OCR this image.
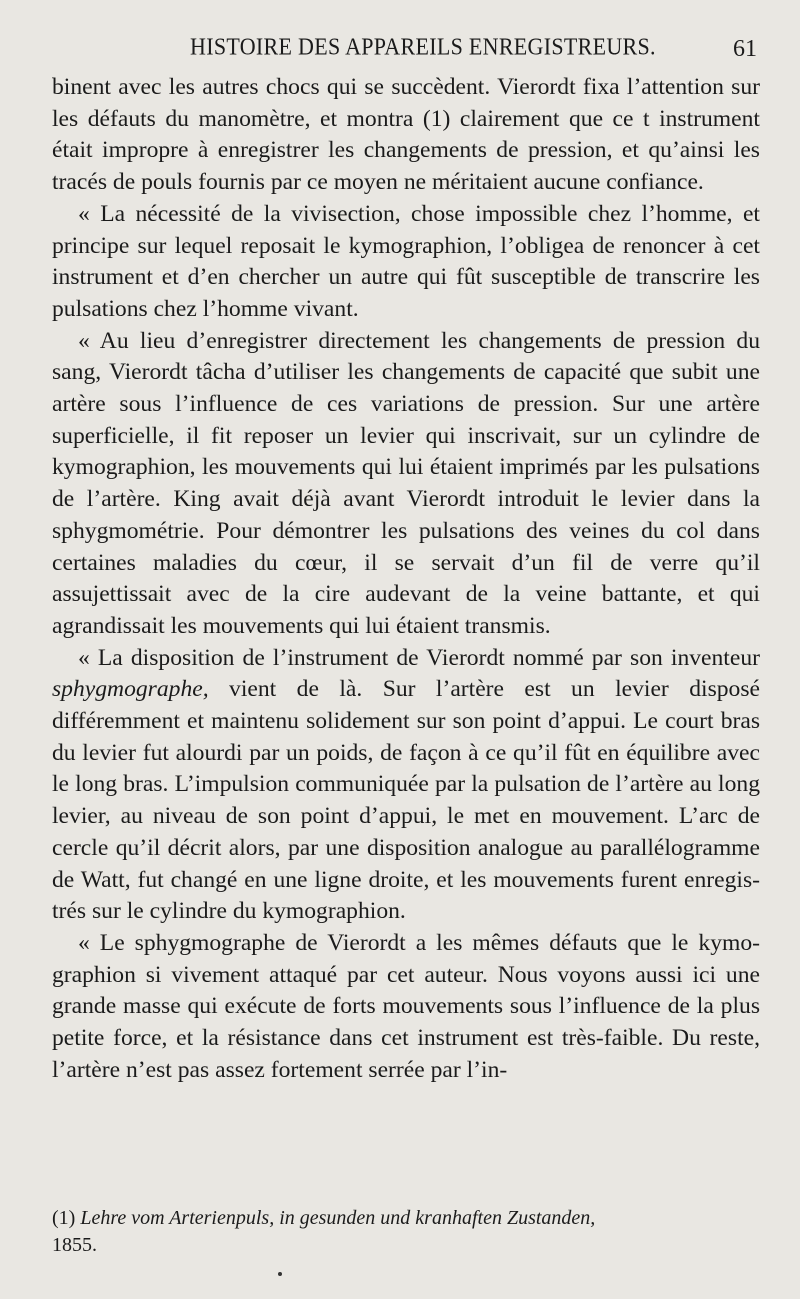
HISTOIRE DES APPAREILS ENREGISTREURS.	61

binent avec les autres chocs qui se succèdent. Vierordt fixa l’attention sur les défauts du manomètre, et montra (1) clairement que ce t instrument était impropre à enregistrer les changements de pression, et qu’ainsi les tracés de pouls fournis par ce moyen ne méritaient aucune confiance.

« La nécessité de la vivisection, chose impossible chez l’homme, et principe sur lequel reposait le kymographion, l’obligea de renoncer à cet instrument et d’en chercher un autre qui fût susceptible de transcrire les pulsations chez l’homme vivant.

« Au lieu d’enregistrer directement les changements de pression du sang, Vierordt tâcha d’utiliser les changements de capacité que subit une artère sous l’influence de ces variations de pression. Sur une artère superficielle, il fit reposer un levier qui inscrivait, sur un cylindre de kymographion, les mouvements qui lui étaient imprimés par les pulsations de l’artère. King avait déjà avant Vierordt introduit le levier dans la sphygmométrie. Pour démontrer les pulsations des veines du col dans certaines maladies du cœur, il se servait d’un fil de verre qu’il assujettissait avec de la cire audevant de la veine battante, et qui agrandissait les mouvements qui lui étaient transmis.

« La disposition de l’instrument de Vierordt nommé par son inventeur sphygmographe, vient de là. Sur l’artère est un levier disposé différemment et maintenu solidement sur son point d’appui. Le court bras du levier fut alourdi par un poids, de façon à ce qu’il fût en équilibre avec le long bras. L’impulsion communiquée par la pulsation de l’artère au long levier, au niveau de son point d’appui, le met en mouvement. L’arc de cercle qu’il décrit alors, par une disposition analogue au parallélogramme de Watt, fut changé en une ligne droite, et les mouvements furent enregistrés sur le cylindre du kymographion.

« Le sphygmographe de Vierordt a les mêmes défauts que le kymographion si vivement attaqué par cet auteur. Nous voyons aussi ici une grande masse qui exécute de forts mouvements sous l’influence de la plus petite force, et la résistance dans cet instrument est très-faible. Du reste, l’artère n’est pas assez fortement serrée par l’in-

(1) Lehre vom Arterienpuls, in gesunden und kranhaften Zustanden,
1855.
